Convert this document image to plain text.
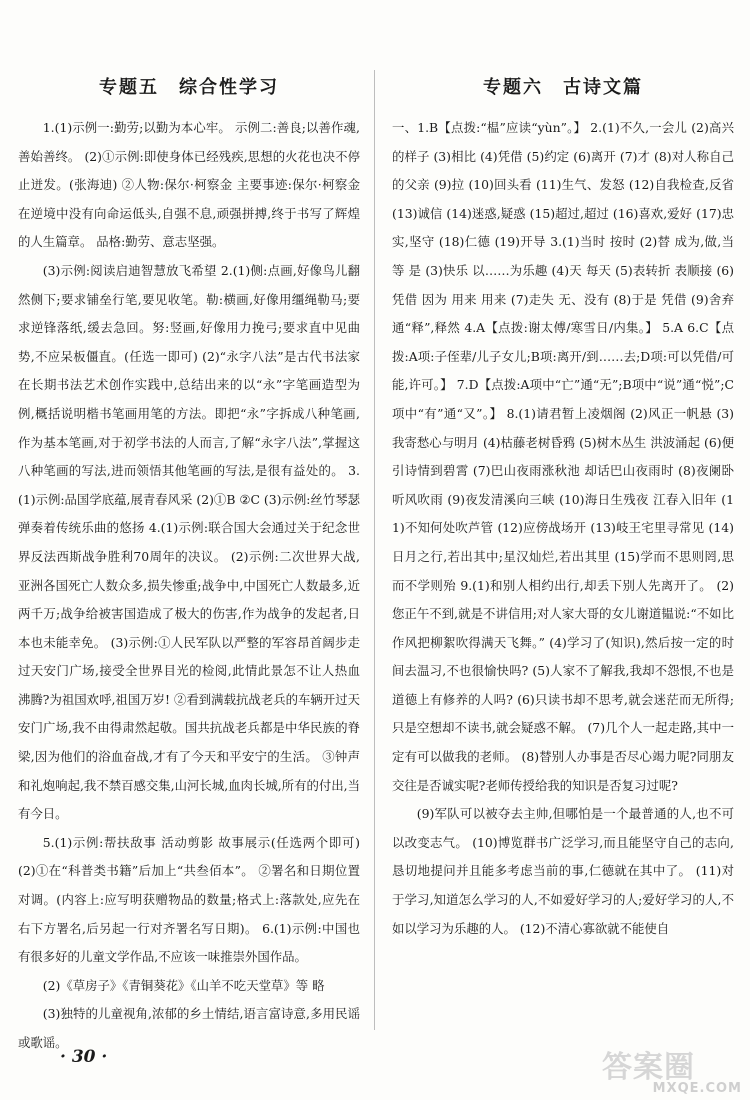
专题五　综合性学习

1.(1)示例一:勤劳;以勤为本心牢。 示例二:善良;以善作魂,善始善终。 (2)①示例:即使身体已经残疾,思想的火花也决不停止迸发。(张海迪) ②人物:保尔·柯察金 主要事迹:保尔·柯察金在逆境中没有向命运低头,自强不息,顽强拼搏,终于书写了辉煌的人生篇章。 品格:勤劳、意志坚强。

(3)示例:阅读启迪智慧放飞希望 2.(1)侧:点画,好像鸟儿翻然侧下;要求铺垒行笔,要见收笔。勒:横画,好像用缰绳勒马;要求逆锋落纸,缓去急回。努:竖画,好像用力挽弓;要求直中见曲势,不应呆板僵直。(任选一即可) (2)“永字八法”是古代书法家在长期书法艺术创作实践中,总结出来的以“永”字笔画造型为例,概括说明楷书笔画用笔的方法。即把“永”字拆成八种笔画,作为基本笔画,对于初学书法的人而言,了解“永字八法”,掌握这八种笔画的写法,进而领悟其他笔画的写法,是很有益处的。 3.(1)示例:品国学底蕴,展青春风采 (2)①B ②C (3)示例:丝竹琴瑟弹奏着传统乐曲的悠扬 4.(1)示例:联合国大会通过关于纪念世界反法西斯战争胜利70周年的决议。 (2)示例:二次世界大战,亚洲各国死亡人数众多,损失惨重;战争中,中国死亡人数最多,近两千万;战争给被害国造成了极大的伤害,作为战争的发起者,日本也未能幸免。 (3)示例:①人民军队以严整的军容昂首阔步走过天安门广场,接受全世界目光的检阅,此情此景怎不让人热血沸腾?为祖国欢呼,祖国万岁! ②看到满载抗战老兵的车辆开过天安门广场,我不由得肃然起敬。国共抗战老兵都是中华民族的脊梁,因为他们的浴血奋战,才有了今天和平安宁的生活。 ③钟声和礼炮响起,我不禁百感交集,山河长城,血肉长城,所有的付出,当有今日。

5.(1)示例:帮扶敌事 活动剪影 故事展示(任选两个即可) (2)①在“科普类书籍”后加上“共叁佰本”。 ②署名和日期位置对调。(内容上:应写明获赠物品的数量;格式上:落款处,应先在右下方署名,后另起一行对齐署名写日期)。 6.(1)示例:中国也有很多好的儿童文学作品,不应该一味推崇外国作品。

(2)《草房子》《青铜葵花》《山羊不吃天堂草》等 略

(3)独特的儿童视角,浓郁的乡土情结,语言富诗意,多用民谣或歌谣。

专题六　古诗文篇

一、1.B【点拨:“榅”应读“yùn”。】 2.(1)不久,一会儿 (2)高兴的样子 (3)相比 (4)凭借 (5)约定 (6)离开 (7)才 (8)对人称自己的父亲 (9)拉 (10)回头看 (11)生气、发怒 (12)自我检查,反省 (13)诚信 (14)迷惑,疑惑 (15)超过,超过 (16)喜欢,爱好 (17)忠实,坚守 (18)仁德 (19)开导 3.(1)当时 按时 (2)替 成为,做,当等 是 (3)快乐 以……为乐趣 (4)天 每天 (5)表转折 表顺接 (6)凭借 因为 用来 用来 (7)走失 无、没有 (8)于是 凭借 (9)舍弃 通“释”,释然 4.A【点拨:谢太傅/寒雪日/内集。】 5.A 6.C【点拨:A项:子侄辈/儿子女儿;B项:离开/到……去;D项:可以凭借/可能,许可。】 7.D【点拨:A项中“亡”通“无”;B项中“说”通“悦”;C项中“有”通“又”。】 8.(1)请君暂上凌烟阁 (2)风正一帆悬 (3)我寄愁心与明月 (4)枯藤老树昏鸦 (5)树木丛生 洪波涌起 (6)便引诗情到碧霄 (7)巴山夜雨涨秋池 却话巴山夜雨时 (8)夜阑卧听风吹雨 (9)夜发清溪向三峡 (10)海日生残夜 江春入旧年 (11)不知何处吹芦管 (12)应傍战场开 (13)岐王宅里寻常见 (14)日月之行,若出其中;星汉灿烂,若出其里 (15)学而不思则罔,思而不学则殆 9.(1)和别人相约出行,却丢下别人先离开了。 (2)您正午不到,就是不讲信用;对人家大哥的女儿谢道韫说:“不如比作风把柳絮吹得满天飞舞。” (4)学习了(知识),然后按一定的时间去温习,不也很愉快吗? (5)人家不了解我,我却不怨恨,不也是道德上有修养的人吗? (6)只读书却不思考,就会迷茫而无所得;只是空想却不读书,就会疑惑不解。 (7)几个人一起走路,其中一定有可以做我的老师。 (8)替别人办事是否尽心竭力呢?同朋友交往是否诚实呢?老师传授给我的知识是否复习过呢?

(9)军队可以被夺去主帅,但哪怕是一个最普通的人,也不可以改变志气。 (10)博览群书广泛学习,而且能坚守自己的志向,恳切地提问并且能多考虑当前的事,仁德就在其中了。 (11)对于学习,知道怎么学习的人,不如爱好学习的人;爱好学习的人,不如以学习为乐趣的人。 (12)不清心寡欲就不能使自

· 30 ·	答案圈
MXQE.COM
